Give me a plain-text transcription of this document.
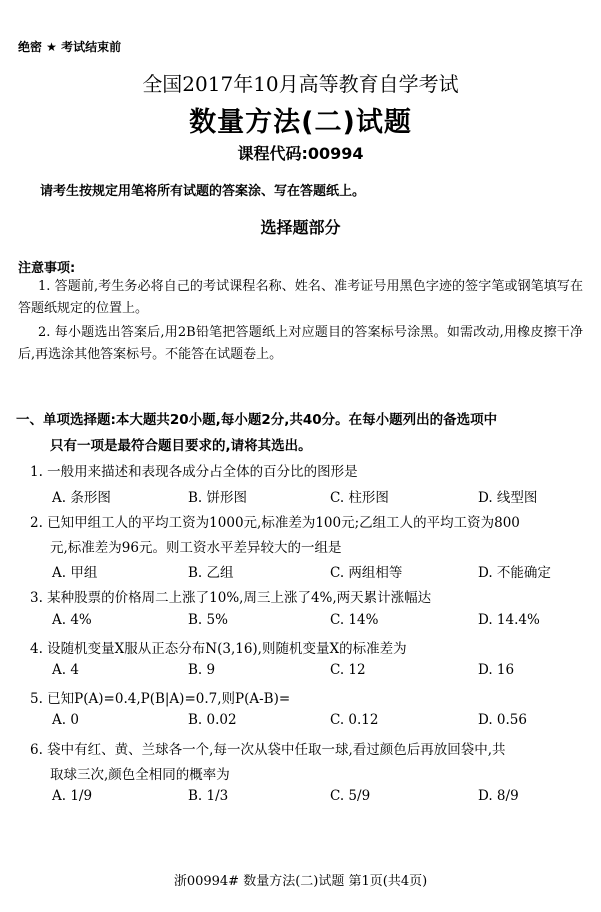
绝密 ★ 考试结束前
全国2017年10月高等教育自学考试
数量方法(二)试题
课程代码:00994
请考生按规定用笔将所有试题的答案涂、写在答题纸上。
选择题部分
注意事项:
1. 答题前,考生务必将自己的考试课程名称、姓名、准考证号用黑色字迹的签字笔或钢笔填写在答题纸规定的位置上。
2. 每小题选出答案后,用2B铅笔把答题纸上对应题目的答案标号涂黑。如需改动,用橡皮擦干净后,再选涂其他答案标号。不能答在试题卷上。
一、单项选择题:本大题共20小题,每小题2分,共40分。在每小题列出的备选项中
只有一项是最符合题目要求的,请将其选出。
1. 一般用来描述和表现各成分占全体的百分比的图形是
A. 条形图	B. 饼形图	C. 柱形图	D. 线型图
2. 已知甲组工人的平均工资为1000元,标准差为100元;乙组工人的平均工资为800
元,标准差为96元。则工资水平差异较大的一组是
A. 甲组	B. 乙组	C. 两组相等	D. 不能确定
3. 某种股票的价格周二上涨了10%,周三上涨了4%,两天累计涨幅达
A. 4%	B. 5%	C. 14%	D. 14.4%
4. 设随机变量X服从正态分布N(3,16),则随机变量X的标准差为
A. 4	B. 9	C. 12	D. 16
5. 已知P(A)=0.4,P(B|A)=0.7,则P(A-B)=
A. 0	B. 0.02	C. 0.12	D. 0.56
6. 袋中有红、黄、兰球各一个,每一次从袋中任取一球,看过颜色后再放回袋中,共
取球三次,颜色全相同的概率为
A. 1/9	B. 1/3	C. 5/9	D. 8/9
浙00994# 数量方法(二)试题 第1页(共4页)
